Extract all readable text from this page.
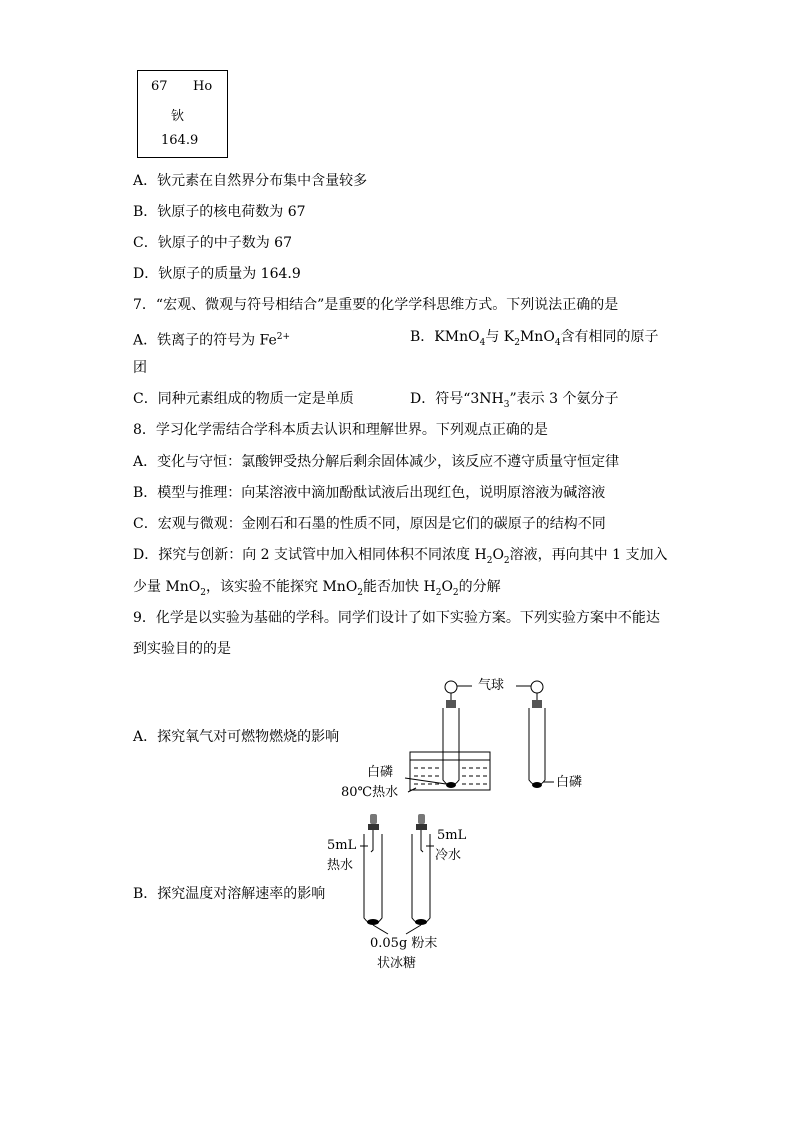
67 Ho
钬
164.9
A．钬元素在自然界分布集中含量较多
B．钬原子的核电荷数为 67
C．钬原子的中子数为 67
D．钬原子的质量为 164.9
7．“宏观、微观与符号相结合”是重要的化学学科思维方式。下列说法正确的是
A．铁离子的符号为 $Fe^{2+}$	B．KMnO$_4$与 $K_2MnO_4$含有相同的原子
团
C．同种元素组成的物质一定是单质	D．符号“$3NH_3$”表示 3 个氨分子
8．学习化学需结合学科本质去认识和理解世界。下列观点正确的是
A．变化与守恒：氯酸钾受热分解后剩余固体减少，该反应不遵守质量守恒定律
B．模型与推理：向某溶液中滴加酚酞试液后出现红色，说明原溶液为碱溶液
C．宏观与微观：金刚石和石墨的性质不同，原因是它们的碳原子的结构不同
D．探究与创新：向 2 支试管中加入相同体积不同浓度 $H_2O_2$溶液，再向其中 1 支加入
少量 MnO$_2$，该实验不能探究 MnO$_2$能否加快 $H_2O_2$的分解
9．化学是以实验为基础的学科。同学们设计了如下实验方案。下列实验方案中不能达
到实验目的的是
A．探究氧气对可燃物燃烧的影响
B．探究温度对溶解速率的影响
气球
白磷
80℃热水
白磷
5mL
热水
5mL
冷水
0.05g 粉末
状冰糖
